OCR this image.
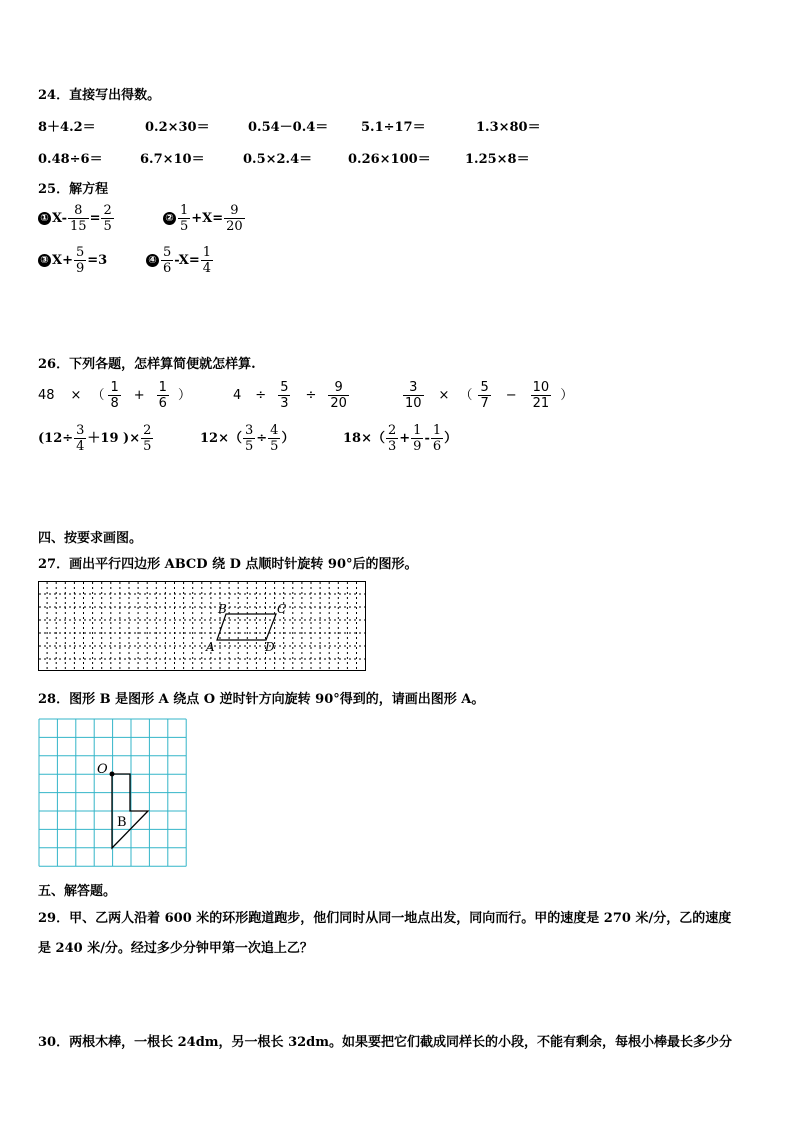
24．直接写出得数。
8＋4.2＝	0.2×30＝	0.54－0.4＝	5.1÷17＝	1.3×80＝
0.48÷6＝	6.7×10＝	0.5×2.4＝	0.26×100＝	1.25×8＝
25．解方程
① $X- \frac{8}{15} = \frac{2}{5}$	② $\frac{1}{5} +X= \frac{9}{20}$
③ $X+ \frac{5}{9} =3$	④ $\frac{5}{6} -X= \frac{1}{4}$
26．下列各题，怎样算简便就怎样算.
48 × （ $\frac{1}{8} + \frac{1}{6}$ ）	$4 \div \frac{5}{3} \div \frac{9}{20}$	$\frac{3}{10}$ × （ $\frac{5}{7} - \frac{10}{21}$ ）
($12\div \frac{3}{4} +19$ )× $\frac{2}{5}$	$12\times( \frac{3}{5} \div \frac{4}{5}$ ）	$18\times( \frac{2}{3} + \frac{1}{9} - \frac{1}{6}$ ）
四、按要求画图。
27．画出平行四边形 ABCD 绕 D 点顺时针旋转 90°后的图形。
A
B	C
D
28．图形 B 是图形 A 绕点 O 逆时针方向旋转 90°得到的，请画出图形 A。
O
B
五、解答题。
29．甲、乙两人沿着 600 米的环形跑道跑步，他们同时从同一地点出发，同向而行。甲的速度是 270 米/分，乙的速度
是 240 米/分。经过多少分钟甲第一次追上乙？
30．两根木棒，一根长 24dm，另一根长 32dm。如果要把它们截成同样长的小段，不能有剩余，每根小棒最长多少分
